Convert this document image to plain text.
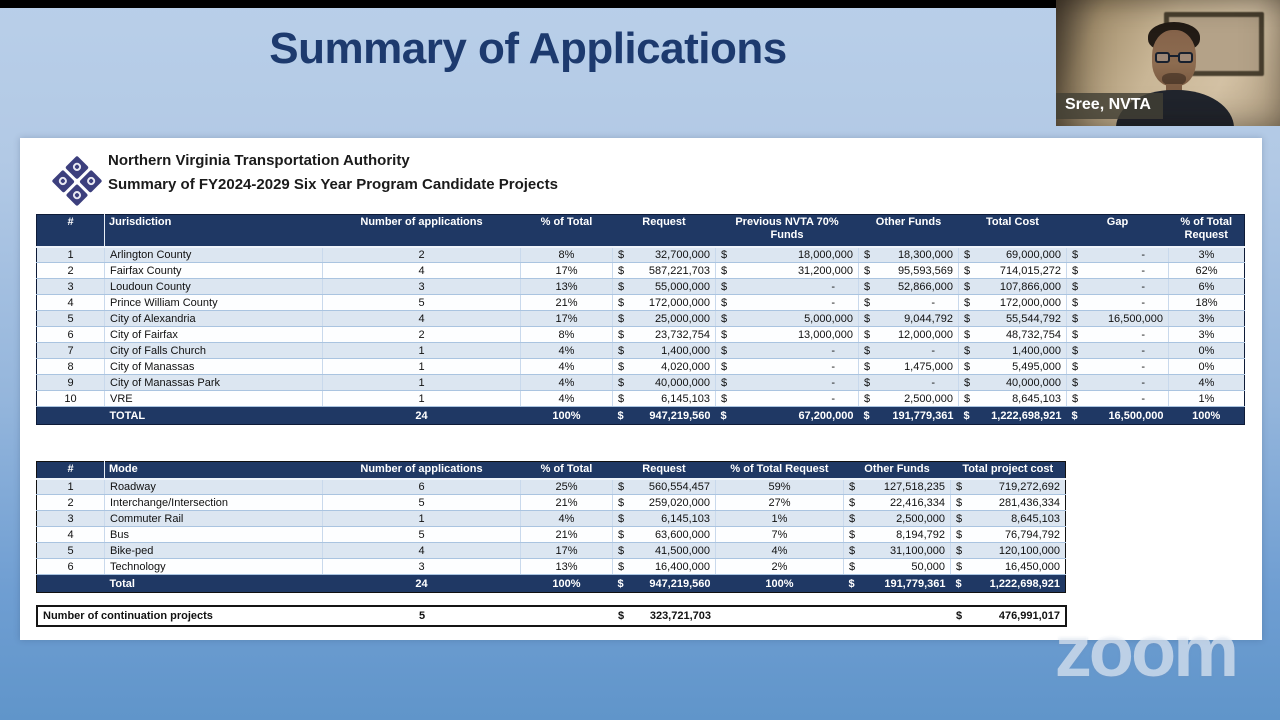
Summary of Applications
Sree, NVTA
Northern Virginia Transportation Authority
Summary of FY2024-2029 Six Year Program Candidate Projects
#	Jurisdiction	Number of applications	% of Total	Request	Previous NVTA 70% Funds	Other Funds	Total Cost	Gap	% of Total Request
1	Arlington County	2	8%	$ 32,700,000	$ 18,000,000	$ 18,300,000	$ 69,000,000	$ -	3%
2	Fairfax County	4	17%	$ 587,221,703	$ 31,200,000	$ 95,593,569	$ 714,015,272	$ -	62%
3	Loudoun County	3	13%	$ 55,000,000	$ -	$ 52,866,000	$ 107,866,000	$ -	6%
4	Prince William County	5	21%	$ 172,000,000	$ -	$ -	$ 172,000,000	$ -	18%
5	City of Alexandria	4	17%	$ 25,000,000	$ 5,000,000	$ 9,044,792	$ 55,544,792	$ 16,500,000	3%
6	City of Fairfax	2	8%	$ 23,732,754	$ 13,000,000	$ 12,000,000	$ 48,732,754	$ -	3%
7	City of Falls Church	1	4%	$ 1,400,000	$ -	$ -	$ 1,400,000	$ -	0%
8	City of Manassas	1	4%	$ 4,020,000	$ -	$ 1,475,000	$ 5,495,000	$ -	0%
9	City of Manassas Park	1	4%	$ 40,000,000	$ -	$ -	$ 40,000,000	$ -	4%
10	VRE	1	4%	$ 6,145,103	$ -	$ 2,500,000	$ 8,645,103	$ -	1%
	TOTAL	24	100%	$ 947,219,560	$ 67,200,000	$ 191,779,361	$ 1,222,698,921	$ 16,500,000	100%
#	Mode	Number of applications	% of Total	Request	% of Total Request	Other Funds	Total project cost
1	Roadway	6	25%	$ 560,554,457	59%	$ 127,518,235	$ 719,272,692

2	Interchange/Intersection	5	21%	$ 259,020,000	27%	$ 22,416,334	$ 281,436,334

3	Commuter Rail	1	4%	$ 6,145,103	1%	$ 2,500,000	$ 8,645,103

4	Bus	5	21%	$ 63,600,000	7%	$ 8,194,792	$ 76,794,792

5	Bike-ped	4	17%	$ 41,500,000	4%	$ 31,100,000	$ 120,100,000

6	Technology	3	13%	$ 16,400,000	2%	$ 50,000	$ 16,450,000

	Total	24	100%	$ 947,219,560	100%	$ 191,779,361	$ 1,222,698,921
Number of continuation projects	5		$ 323,721,703			$	476,991,017
zoom
